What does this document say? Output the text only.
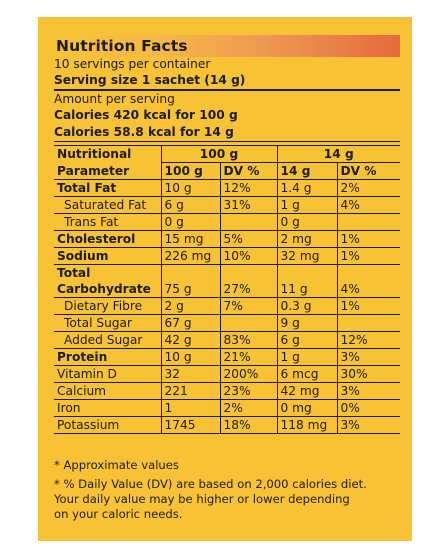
Nutrition Facts
10 servings per container
Serving size 1 sachet (14 g)
Amount per serving
Calories 420 kcal for 100 g
Calories 58.8 kcal for 14 g
Nutritional	100 g		14 g	
Parameter	100 g	DV %	14 g	DV %
Total Fat	10 g	12%	1.4 g	2%
Saturated Fat	6 g	31%	1 g	4%
Trans Fat	0 g		0 g	
Cholesterol	15 mg	5%	2 mg	1%
Sodium	226 mg	10%	32 mg	1%
Total				
Carbohydrate	75 g	27%	11 g	4%
Dietary Fibre	2 g	7%	0.3 g	1%
Total Sugar	67 g		9 g	
Added Sugar	42 g	83%	6 g	12%
Protein	10 g	21%	1 g	3%
Vitamin D	32	200%	6 mcg	30%
Calcium	221	23%	42 mg	3%
Iron	1	2%	0 mg	0%
Potassium	1745	18%	118 mg	3%
* Approximate values
* % Daily Value (DV) are based on 2,000 calories diet.
Your daily value may be higher or lower depending
on your caloric needs.
